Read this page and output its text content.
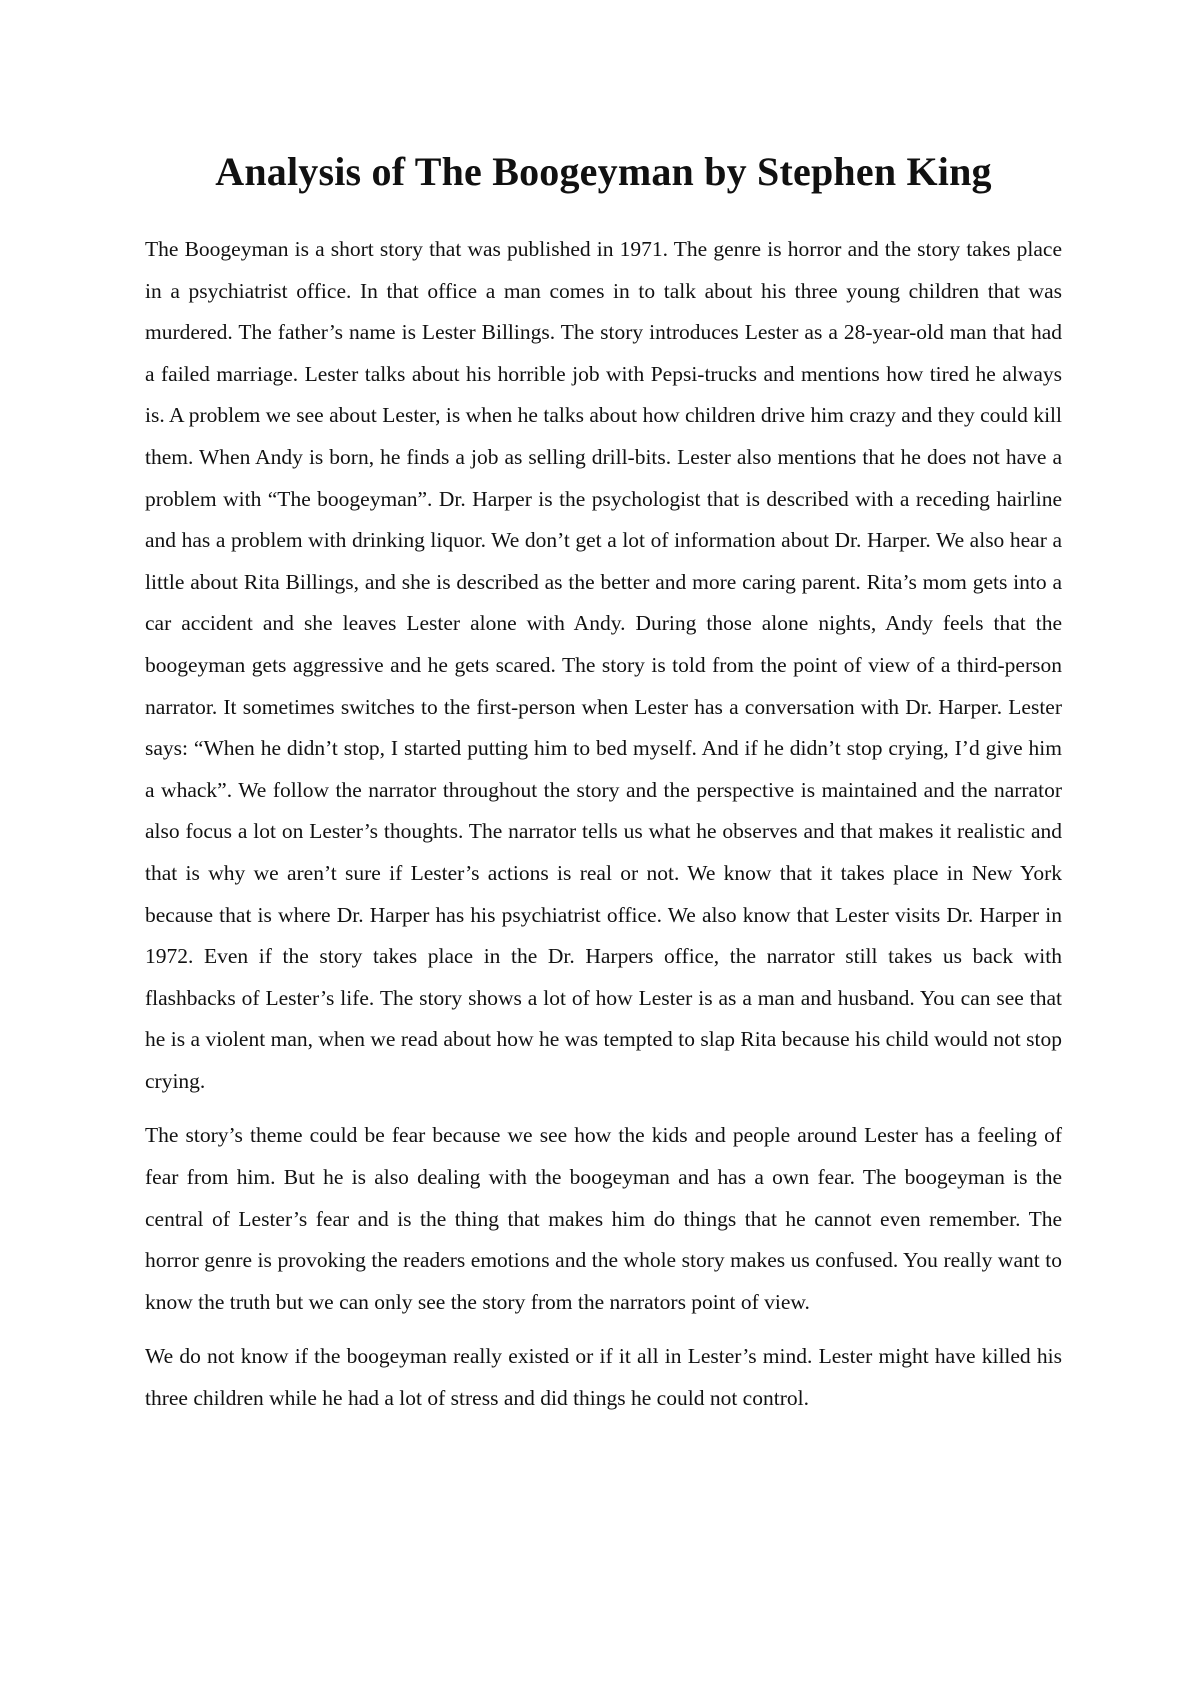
Analysis of The Boogeyman by Stephen King

The Boogeyman is a short story that was published in 1971. The genre is horror and the story takes place in a psychiatrist office. In that office a man comes in to talk about his three young children that was murdered. The father’s name is Lester Billings. The story introduces Lester as a 28-year-old man that had a failed marriage. Lester talks about his horrible job with Pepsi-trucks and mentions how tired he always is. A problem we see about Lester, is when he talks about how children drive him crazy and they could kill them. When Andy is born, he finds a job as selling drill-bits. Lester also mentions that he does not have a problem with “The boogeyman”. Dr. Harper is the psychologist that is described with a receding hairline and has a problem with drinking liquor. We don’t get a lot of information about Dr. Harper. We also hear a little about Rita Billings, and she is described as the better and more caring parent. Rita’s mom gets into a car accident and she leaves Lester alone with Andy. During those alone nights, Andy feels that the boogeyman gets aggressive and he gets scared. The story is told from the point of view of a third-person narrator. It sometimes switches to the first-person when Lester has a conversation with Dr. Harper. Lester says: “When he didn’t stop, I started putting him to bed myself. And if he didn’t stop crying, I’d give him a whack”. We follow the narrator throughout the story and the perspective is maintained and the narrator also focus a lot on Lester’s thoughts. The narrator tells us what he observes and that makes it realistic and that is why we aren’t sure if Lester’s actions is real or not. We know that it takes place in New York because that is where Dr. Harper has his psychiatrist office. We also know that Lester visits Dr. Harper in 1972. Even if the story takes place in the Dr. Harpers office, the narrator still takes us back with flashbacks of Lester’s life. The story shows a lot of how Lester is as a man and husband. You can see that he is a violent man, when we read about how he was tempted to slap Rita because his child would not stop crying.

The story’s theme could be fear because we see how the kids and people around Lester has a feeling of fear from him. But he is also dealing with the boogeyman and has a own fear. The boogeyman is the central of Lester’s fear and is the thing that makes him do things that he cannot even remember. The horror genre is provoking the readers emotions and the whole story makes us confused. You really want to know the truth but we can only see the story from the narrators point of view.

We do not know if the boogeyman really existed or if it all in Lester’s mind. Lester might have killed his three children while he had a lot of stress and did things he could not control.
